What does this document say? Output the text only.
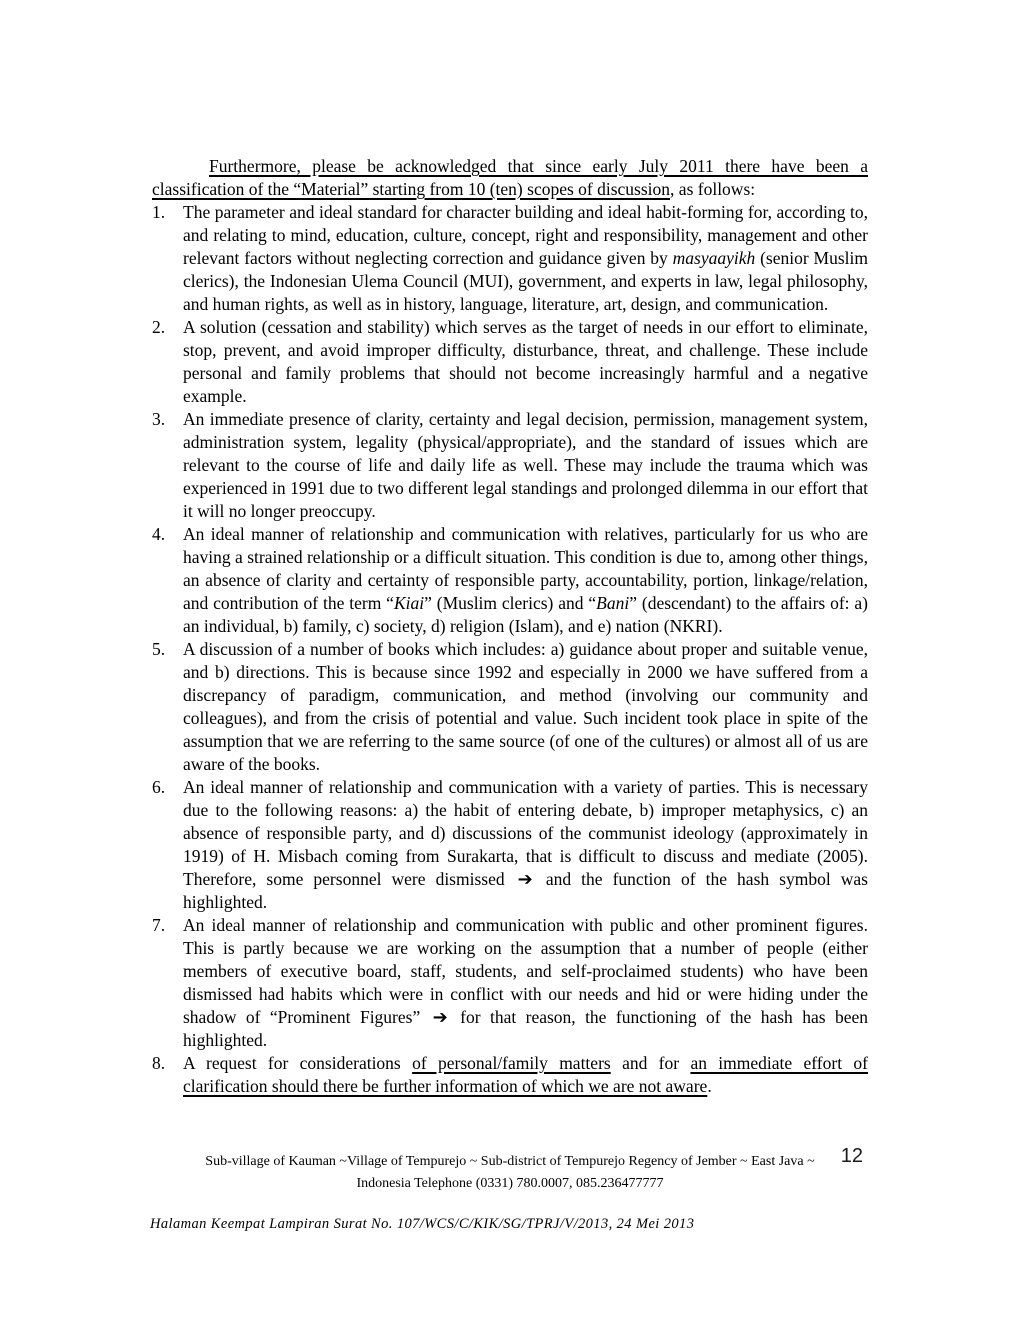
Furthermore, please be acknowledged that since early July 2011 there have been a classification of the “Material” starting from 10 (ten) scopes of discussion, as follows:

1.	The parameter and ideal standard for character building and ideal habit-forming for, according to, and relating to mind, education, culture, concept, right and responsibility, management and other relevant factors without neglecting correction and guidance given by masyaayikh (senior Muslim clerics), the Indonesian Ulema Council (MUI), government, and experts in law, legal philosophy, and human rights, as well as in history, language, literature, art, design, and communication.

2.	A solution (cessation and stability) which serves as the target of needs in our effort to eliminate, stop, prevent, and avoid improper difficulty, disturbance, threat, and challenge. These include personal and family problems that should not become increasingly harmful and a negative example.

3.	An immediate presence of clarity, certainty and legal decision, permission, management system, administration system, legality (physical/appropriate), and the standard of issues which are relevant to the course of life and daily life as well. These may include the trauma which was experienced in 1991 due to two different legal standings and prolonged dilemma in our effort that it will no longer preoccupy.

4.	An ideal manner of relationship and communication with relatives, particularly for us who are having a strained relationship or a difficult situation. This condition is due to, among other things, an absence of clarity and certainty of responsible party, accountability, portion, linkage/relation, and contribution of the term “Kiai” (Muslim clerics) and “Bani” (descendant) to the affairs of: a) an individual, b) family, c) society, d) religion (Islam), and e) nation (NKRI).

5.	A discussion of a number of books which includes: a) guidance about proper and suitable venue, and b) directions. This is because since 1992 and especially in 2000 we have suffered from a discrepancy of paradigm, communication, and method (involving our community and colleagues), and from the crisis of potential and value. Such incident took place in spite of the assumption that we are referring to the same source (of one of the cultures) or almost all of us are aware of the books.

6.	An ideal manner of relationship and communication with a variety of parties. This is necessary due to the following reasons: a) the habit of entering debate, b) improper metaphysics, c) an absence of responsible party, and d) discussions of the communist ideology (approximately in 1919) of H. Misbach coming from Surakarta, that is difficult to discuss and mediate (2005). Therefore, some personnel were dismissed ➔ and the function of the hash symbol was highlighted.

7.	An ideal manner of relationship and communication with public and other prominent figures. This is partly because we are working on the assumption that a number of people (either members of executive board, staff, students, and self-proclaimed students) who have been dismissed had habits which were in conflict with our needs and hid or were hiding under the shadow of “Prominent Figures” ➔ for that reason, the functioning of the hash has been highlighted.

8.	A request for considerations of personal/family matters and for an immediate effort of clarification should there be further information of which we are not aware.

12
Sub-village of Kauman ~Village of Tempurejo ~ Sub-district of Tempurejo Regency of Jember ~ East Java ~
Indonesia Telephone (0331) 780.0007, 085.236477777
Halaman Keempat Lampiran Surat No. 107/WCS/C/KIK/SG/TPRJ/V/2013, 24 Mei 2013
